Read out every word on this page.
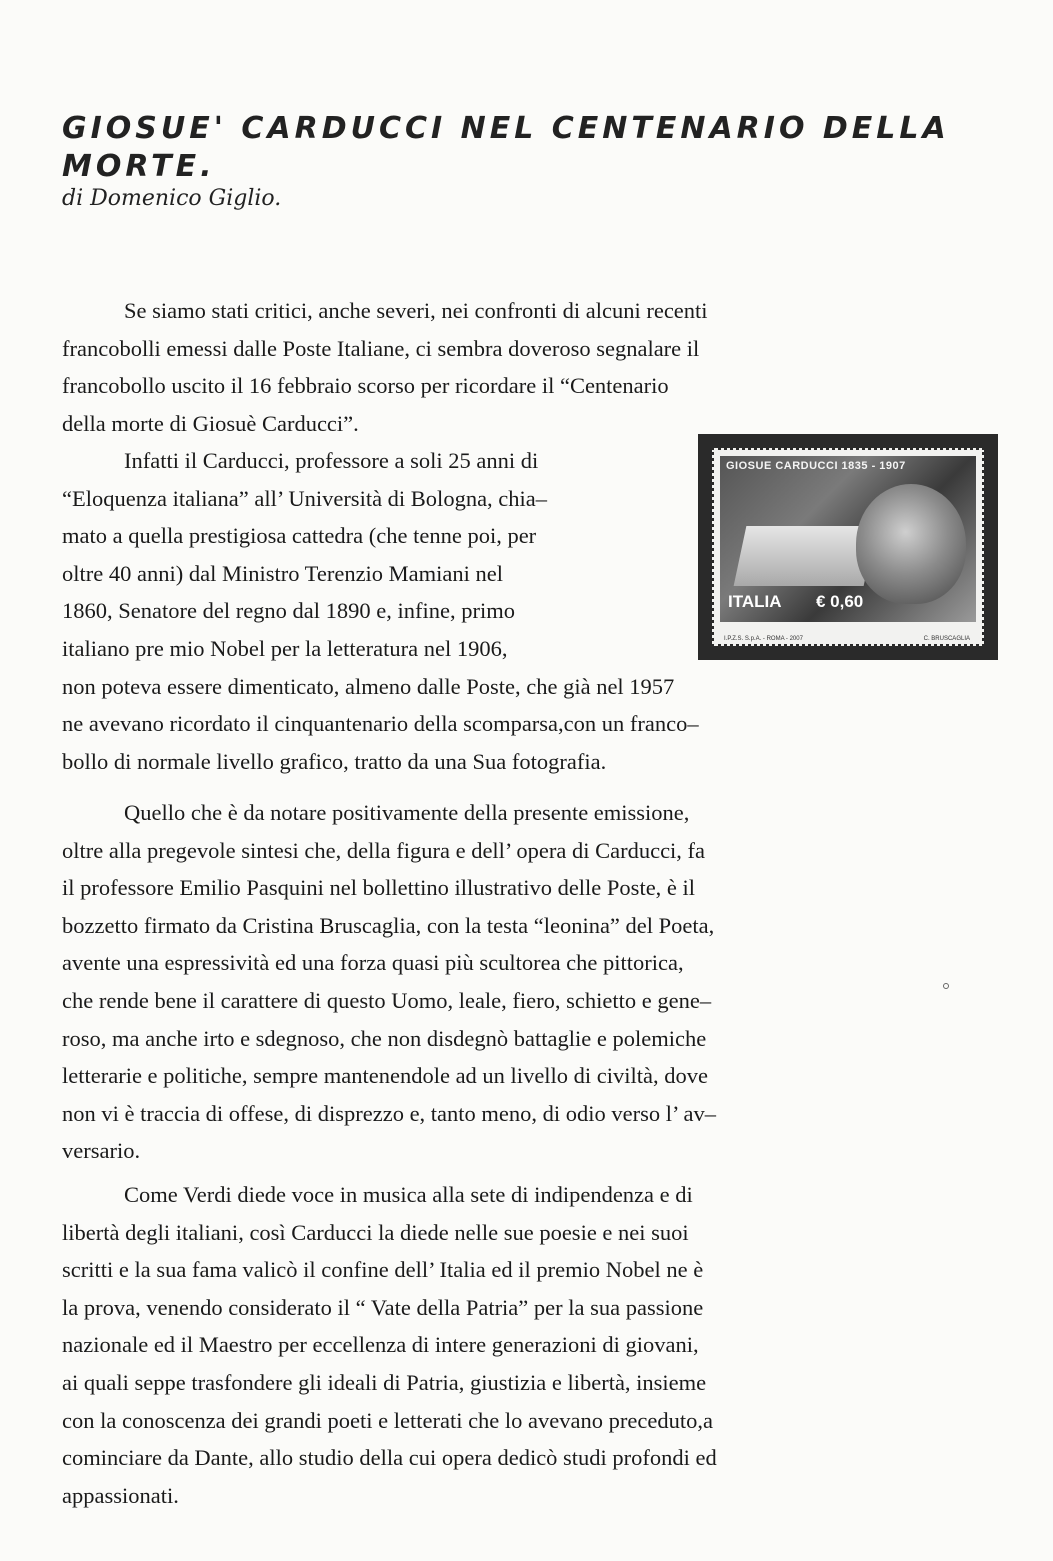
GIOSUE' CARDUCCI NEL CENTENARIO DELLA MORTE.
di Domenico Giglio.
Se siamo stati critici, anche severi, nei confronti di alcuni recenti
francobolli emessi dalle Poste Italiane, ci sembra doveroso segnalare il
francobollo uscito il 16 febbraio scorso per ricordare il “Centenario
della morte di Giosuè Carducci”.
Infatti il Carducci, professore a soli 25 anni di
“Eloquenza italiana” all’ Università di Bologna, chia–
mato a quella prestigiosa cattedra (che tenne poi, per
oltre 40 anni) dal Ministro Terenzio Mamiani nel
1860, Senatore del regno dal 1890 e, infine, primo
italiano pre mio Nobel per la letteratura nel 1906,
non poteva essere dimenticato, almeno dalle Poste, che già nel 1957
ne avevano ricordato il cinquantenario della scomparsa,con un franco–
bollo di normale livello grafico, tratto da una Sua fotografia.
Quello che è da notare positivamente della presente emissione,
oltre alla pregevole sintesi che, della figura e dell’ opera di Carducci, fa
il professore Emilio Pasquini nel bollettino illustrativo delle Poste, è il
bozzetto firmato da Cristina Bruscaglia, con la testa “leonina” del Poeta,
avente una espressività ed una forza quasi più scultorea che pittorica,
che rende bene il carattere di questo Uomo, leale, fiero, schietto e gene–
roso, ma anche irto e sdegnoso, che non disdegnò battaglie e polemiche
letterarie e politiche, sempre mantenendole ad un livello di civiltà, dove
non vi è traccia di offese, di disprezzo e, tanto meno, di odio verso l’ av–
versario.
Come Verdi diede voce in musica alla sete di indipendenza e di
libertà degli italiani, così Carducci la diede nelle sue poesie e nei suoi
scritti e la sua fama valicò il confine dell’ Italia ed il premio Nobel ne è
la prova, venendo considerato il “ Vate della Patria” per la sua passione
nazionale ed il Maestro per eccellenza di intere generazioni di giovani,
ai quali seppe trasfondere gli ideali di Patria, giustizia e libertà, insieme
con la conoscenza dei grandi poeti e letterati che lo avevano preceduto,a
cominciare da Dante, allo studio della cui opera dedicò studi profondi ed
appassionati.
GIOSUE CARDUCCI 1835 - 1907
ITALIA € 0,60
I.P.Z.S. S.p.A. - ROMA - 2007	C. BRUSCAGLIA
